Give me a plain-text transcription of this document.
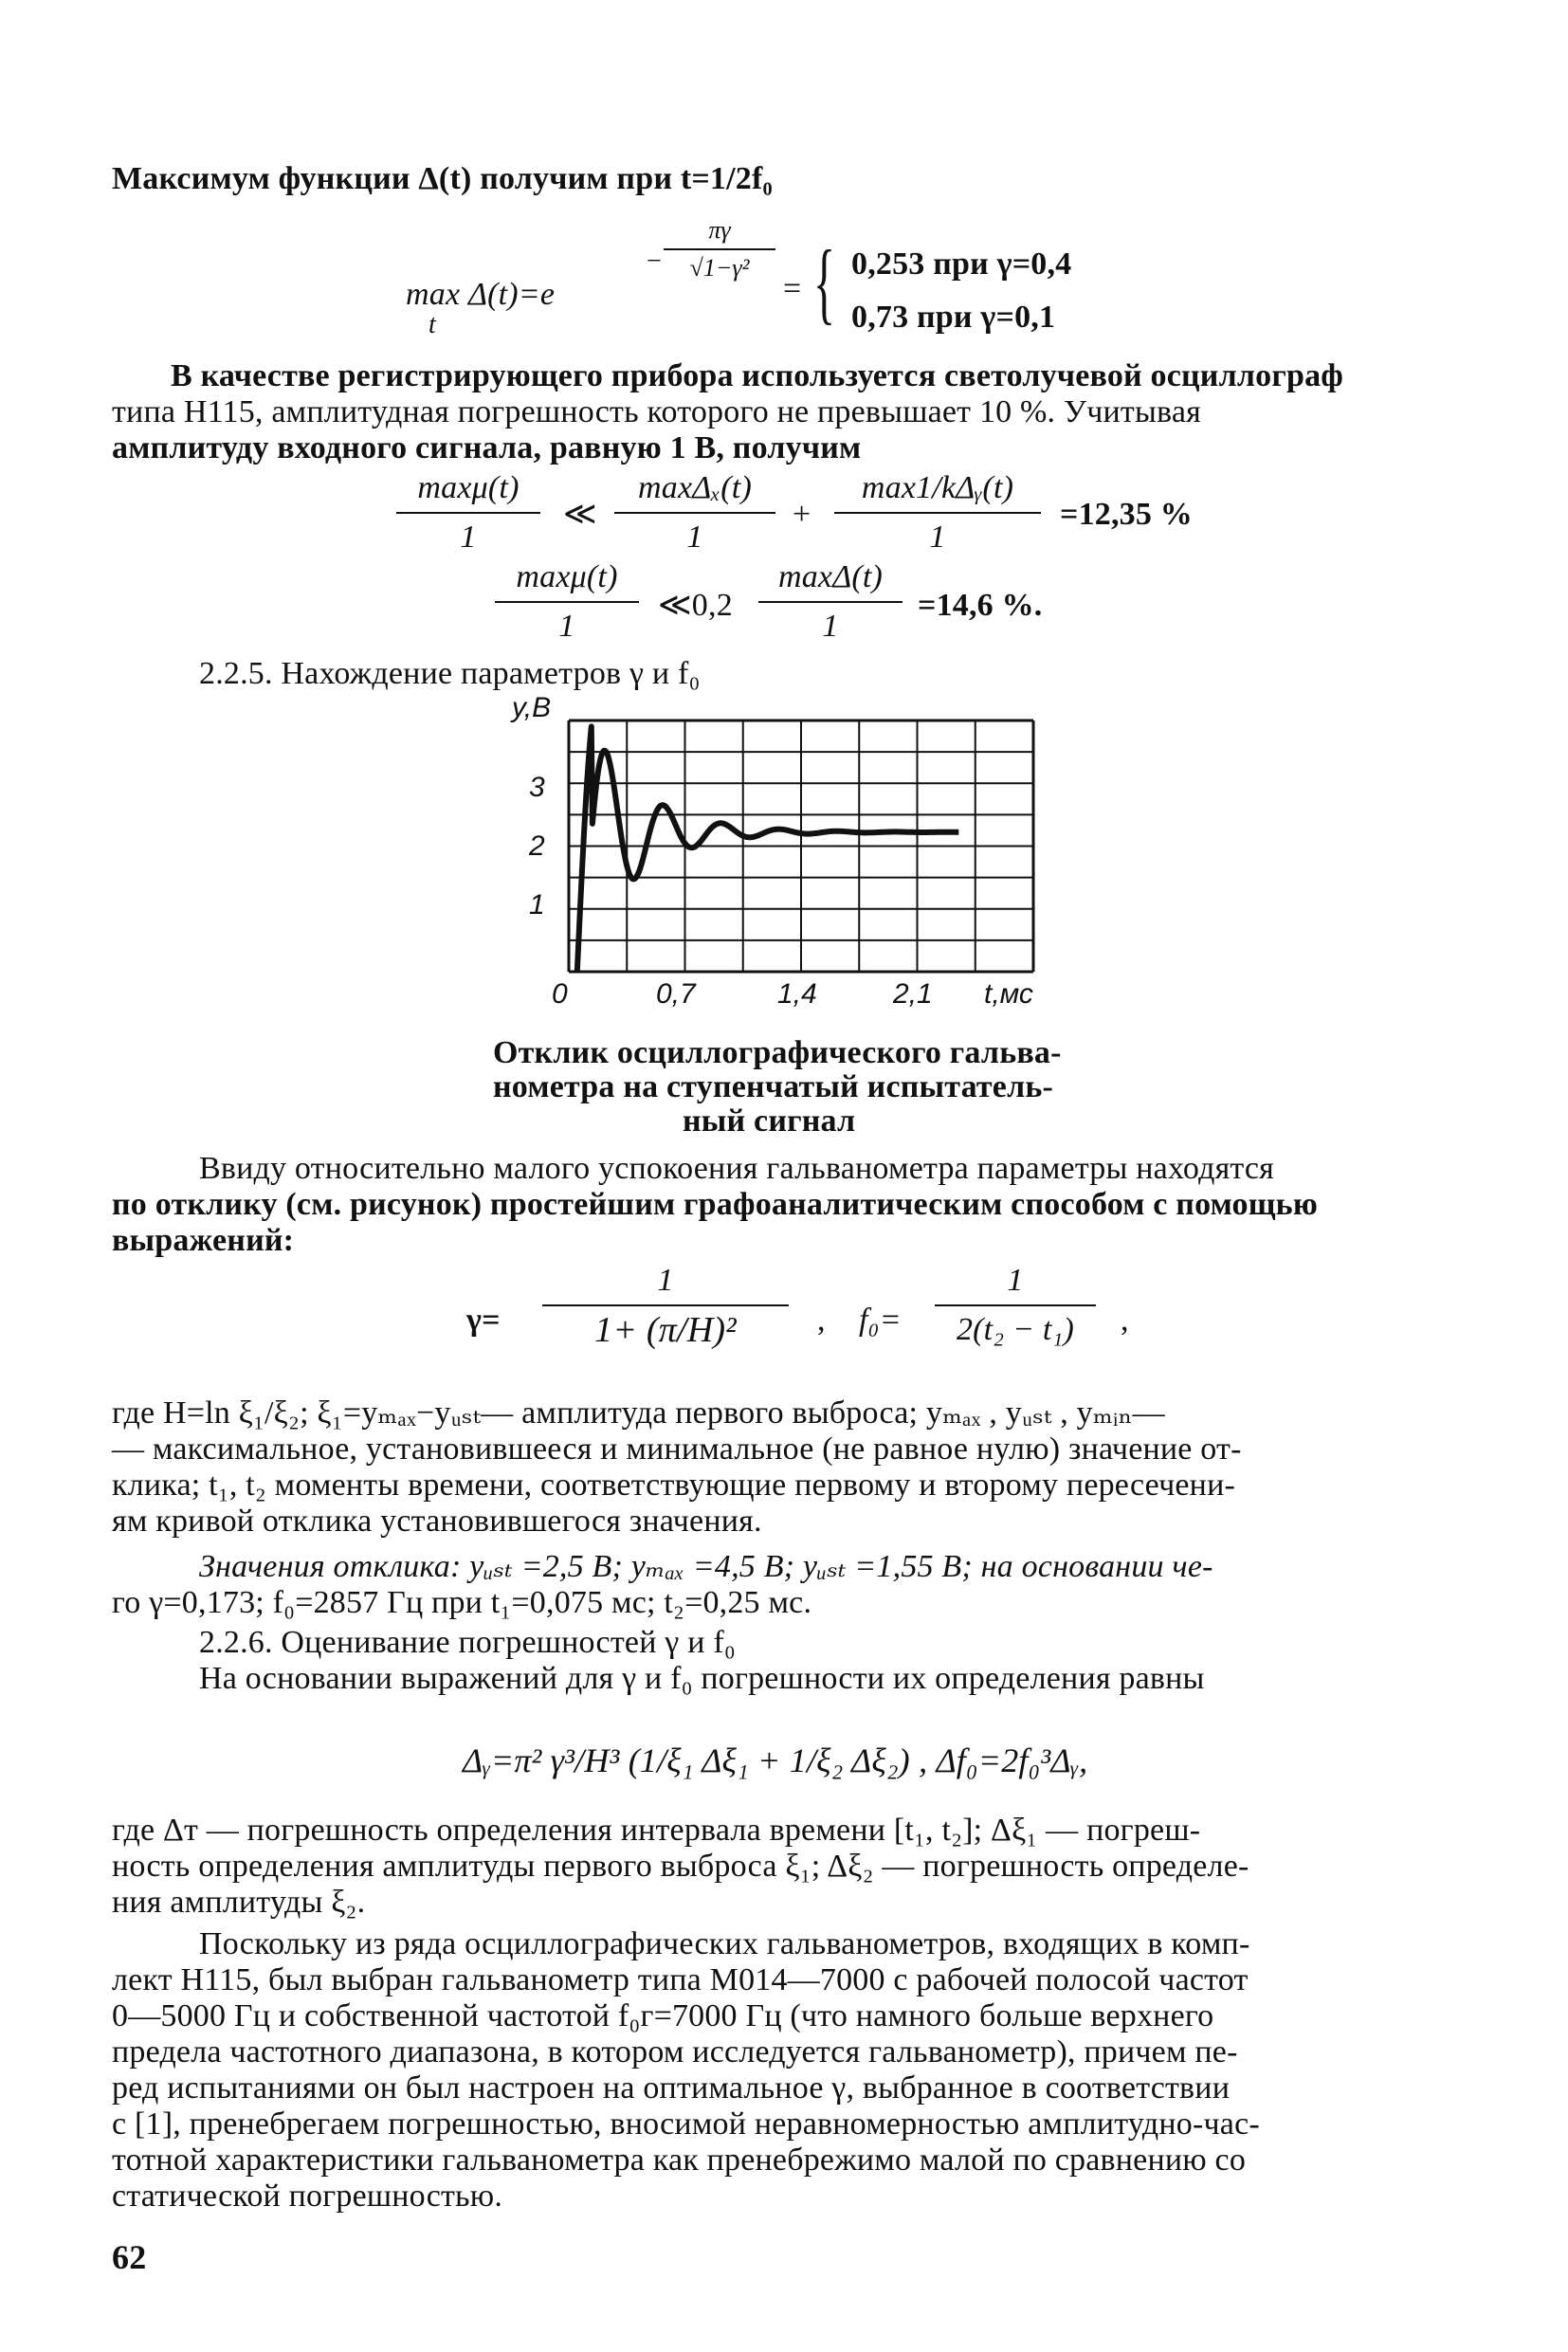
Максимум функции Δ(t) получим при t=1/2f₀
max Δ(t)=e
t
−
πγ
√1−γ²
= { 0,253 при γ=0,4
0,73 при γ=0,1
В качестве регистрирующего прибора используется светолучевой осциллограф
типа Н115, амплитудная погрешность которого не превышает 10 %. Учитывая
амплитуду входного сигнала, равную 1 В, получим
maxμ(t)
1
≪
maxΔₓ(t)
1
+
max1/kΔᵧ(t)
1
=12,35 %
maxμ(t)
1
≪0,2
maxΔ(t)
1
=14,6 %.
2.2.5. Нахождение параметров γ и f₀
y,B
3
2
1
0	0,7	1,4	2,1 t,мс
Отклик осциллографического гальва-
нометра на ступенчатый испытатель-
ный сигнал
Ввиду относительно малого успокоения гальванометра параметры находятся
по отклику (см. рисунок) простейшим графоаналитическим способом с помощью
выражений:
γ=
1
1+ (π/H)²	, f₀=
1
2(t₂ − t₁)	,
где H=ln ξ₁/ξ₂; ξ₁=yₘₐₓ−yᵤₛₜ— амплитуда первого выброса; yₘₐₓ , yᵤₛₜ , yₘᵢₙ—
— максимальное, установившееся и минимальное (не равное нулю) значение от-
клика; t₁, t₂ моменты времени, соответствующие первому и второму пересечени-
ям кривой отклика установившегося значения.
Значения отклика: yᵤₛₜ =2,5 В; yₘₐₓ =4,5 В; yᵤₛₜ =1,55 В; на основании че-
го γ=0,173; f₀=2857 Гц при t₁=0,075 мс; t₂=0,25 мс.
2.2.6. Оценивание погрешностей γ и f₀
На основании выражений для γ и f₀ погрешности их определения равны
Δᵧ=π² γ³/H³ (1/ξ₁ Δξ₁ + 1/ξ₂ Δξ₂) , Δf₀=2f₀³Δᵧ,
где Δт — погрешность определения интервала времени [t₁, t₂]; Δξ₁ — погреш-
ность определения амплитуды первого выброса ξ₁; Δξ₂ — погрешность определе-
ния амплитуды ξ₂.
Поскольку из ряда осциллографических гальванометров, входящих в комп-
лект Н115, был выбран гальванометр типа М014—7000 с рабочей полосой частот
0—5000 Гц и собственной частотой f₀г=7000 Гц (что намного больше верхнего
предела частотного диапазона, в котором исследуется гальванометр), причем пе-
ред испытаниями он был настроен на оптимальное γ, выбранное в соответствии
с [1], пренебрегаем погрешностью, вносимой неравномерностью амплитудно-час-
тотной характеристики гальванометра как пренебрежимо малой по сравнению со
статической погрешностью.
62
